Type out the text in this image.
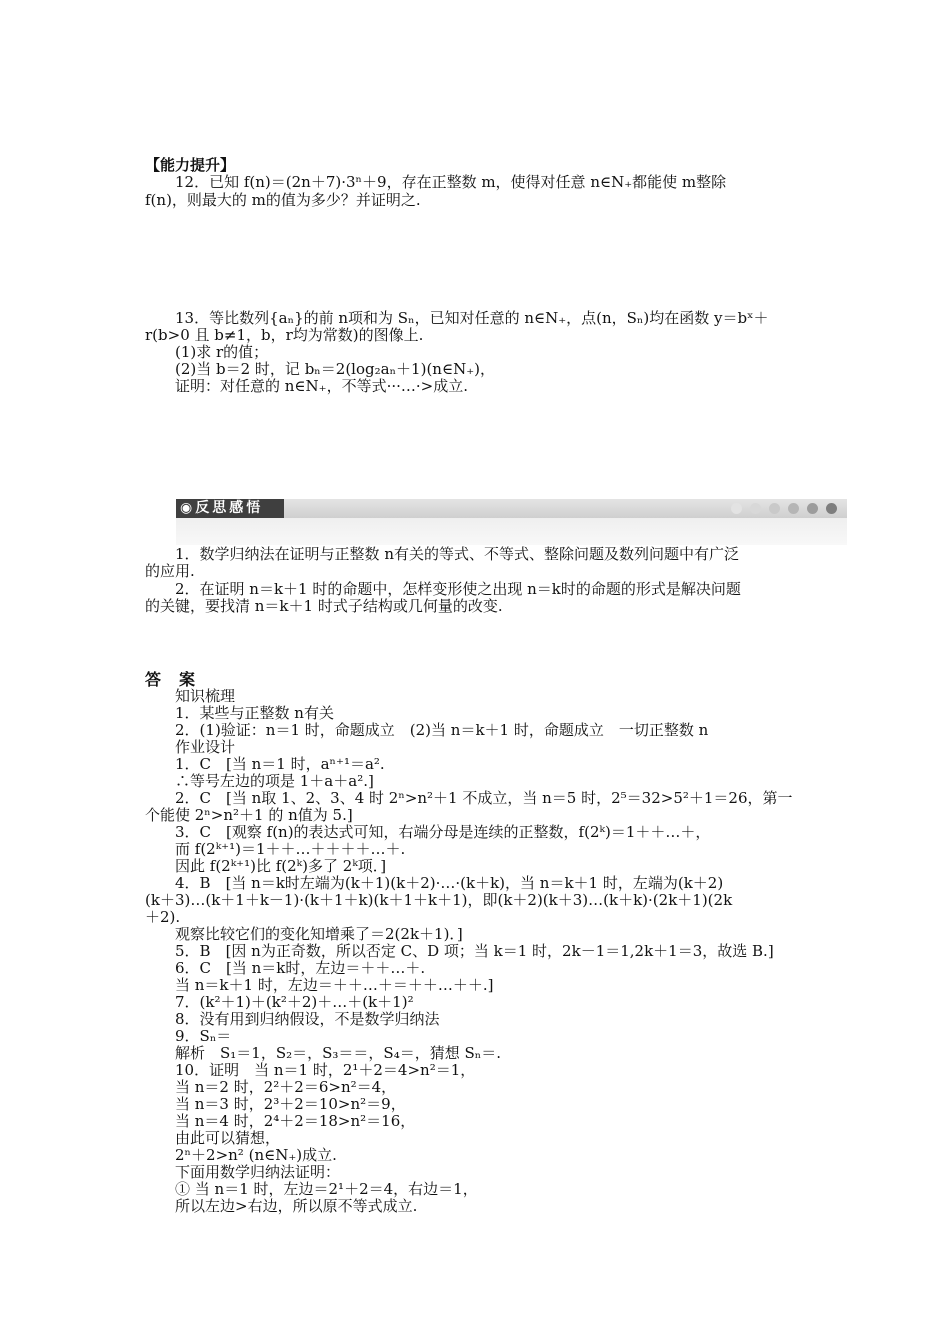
【能力提升】
12．已知 f(n)＝(2n＋7)·3ⁿ＋9，存在正整数 m，使得对任意 n∈N₊都能使 m整除
f(n)，则最大的 m的值为多少？并证明之.
13．等比数列{aₙ}的前 n项和为 Sₙ，已知对任意的 n∈N₊，点(n，Sₙ)均在函数 y＝bˣ＋
r(b>0 且 b≠1，b，r均为常数)的图像上.
(1)求 r的值；
(2)当 b＝2 时，记 bₙ＝2(log₂aₙ＋1)(n∈N₊)，
证明：对任意的 n∈N₊，不等式···…·>成立.
◉ 反思感悟
1．数学归纳法在证明与正整数 n有关的等式、不等式、整除问题及数列问题中有广泛
的应用.
2．在证明 n＝k＋1 时的命题中，怎样变形使之出现 n＝k时的命题的形式是解决问题
的关键，要找清 n＝k＋1 时式子结构或几何量的改变.
答案
知识梳理
1．某些与正整数 n有关
2．(1)验证：n＝1 时，命题成立　(2)当 n＝k＋1 时，命题成立　一切正整数 n
作业设计
1．C　[当 n＝1 时，aⁿ⁺¹＝a².
∴等号左边的项是 1＋a＋a².]
2．C　[当 n取 1、2、3、4 时 2ⁿ>n²＋1 不成立，当 n＝5 时，2⁵＝32>5²＋1＝26，第一
个能使 2ⁿ>n²＋1 的 n值为 5.]
3．C　[观察 f(n)的表达式可知，右端分母是连续的正整数，f(2ᵏ)＝1＋＋…＋，
而 f(2ᵏ⁺¹)＝1＋＋…＋＋＋＋…＋.
因此 f(2ᵏ⁺¹)比 f(2ᵏ)多了 2ᵏ项．]
4．B　[当 n＝k时左端为(k＋1)(k＋2)·…·(k＋k)，当 n＝k＋1 时，左端为(k＋2)
(k＋3)…(k＋1＋k－1)·(k＋1＋k)(k＋1＋k＋1)，即(k＋2)(k＋3)…(k＋k)·(2k＋1)(2k
＋2).
观察比较它们的变化知增乘了＝2(2k＋1)．]
5．B　[因 n为正奇数，所以否定 C、D 项；当 k＝1 时，2k－1＝1,2k＋1＝3，故选 B.]
6．C　[当 n＝k时，左边＝＋＋…＋.
当 n＝k＋1 时，左边＝＋＋…＋＝＋＋…＋＋.]
7．(k²＋1)＋(k²＋2)＋…＋(k＋1)²
8．没有用到归纳假设，不是数学归纳法
9．Sₙ＝
解析　S₁＝1，S₂＝，S₃＝＝，S₄＝，猜想 Sₙ＝.
10．证明　当 n＝1 时，2¹＋2＝4>n²＝1，
当 n＝2 时，2²＋2＝6>n²＝4，
当 n＝3 时，2³＋2＝10>n²＝9，
当 n＝4 时，2⁴＋2＝18>n²＝16，
由此可以猜想，
2ⁿ＋2>n² (n∈N₊)成立.
下面用数学归纳法证明：
① 当 n＝1 时，左边＝2¹＋2＝4，右边＝1，
所以左边>右边，所以原不等式成立.
